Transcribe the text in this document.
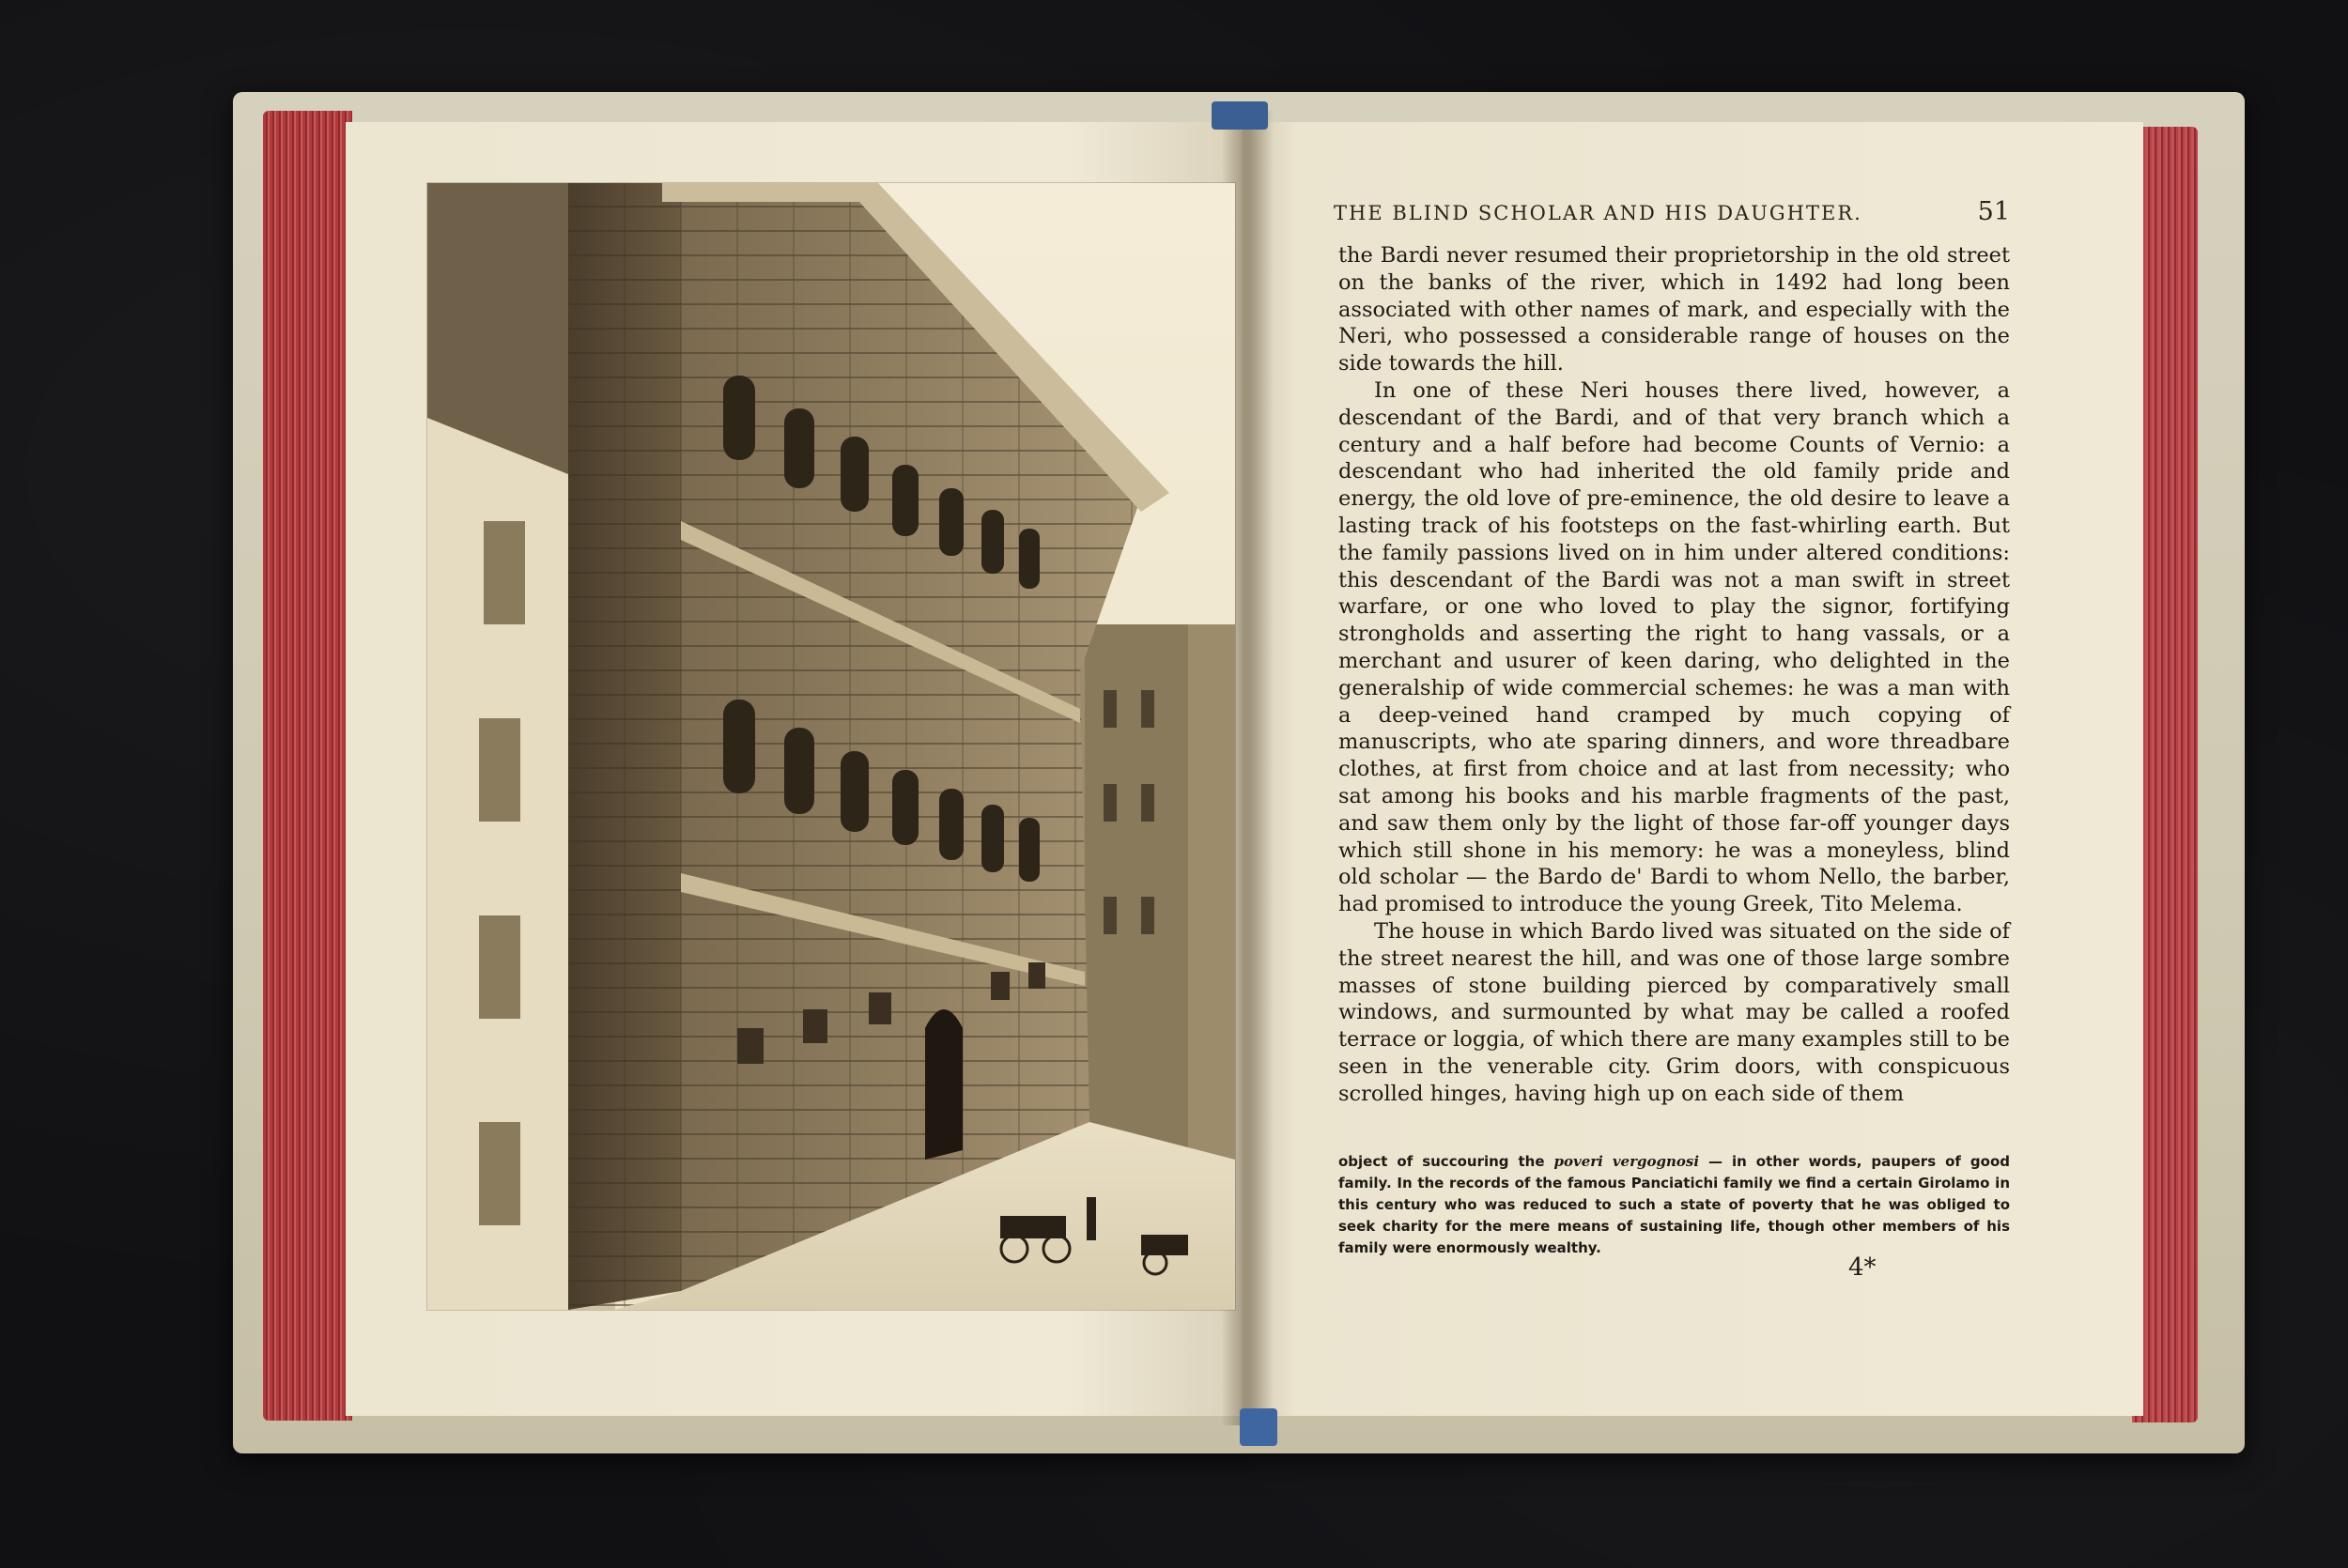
THE BLIND SCHOLAR AND HIS DAUGHTER.	51

the Bardi never resumed their proprietorship in the old street on the banks of the river, which in 1492 had long been associated with other names of mark, and especially with the Neri, who possessed a considerable range of houses on the side towards the hill.

In one of these Neri houses there lived, however, a descendant of the Bardi, and of that very branch which a century and a half before had become Counts of Vernio: a descendant who had inherited the old family pride and energy, the old love of pre-eminence, the old desire to leave a lasting track of his footsteps on the fast-whirling earth. But the family passions lived on in him under altered conditions: this descendant of the Bardi was not a man swift in street warfare, or one who loved to play the signor, fortifying strongholds and asserting the right to hang vassals, or a merchant and usurer of keen daring, who delighted in the generalship of wide commercial schemes: he was a man with a deep-veined hand cramped by much copying of manuscripts, who ate sparing dinners, and wore threadbare clothes, at first from choice and at last from necessity; who sat among his books and his marble fragments of the past, and saw them only by the light of those far-off younger days which still shone in his memory: he was a moneyless, blind old scholar — the Bardo de' Bardi to whom Nello, the barber, had promised to introduce the young Greek, Tito Melema.

The house in which Bardo lived was situated on the side of the street nearest the hill, and was one of those large sombre masses of stone building pierced by comparatively small windows, and surmounted by what may be called a roofed terrace or loggia, of which there are many examples still to be seen in the venerable city. Grim doors, with conspicuous scrolled hinges, having high up on each side of them

object of succouring the poveri vergognosi — in other words, paupers of good family. In the records of the famous Panciatichi family we find a certain Girolamo in this century who was reduced to such a state of poverty that he was obliged to seek charity for the mere means of sustaining life, though other members of his family were enormously wealthy.
4*
